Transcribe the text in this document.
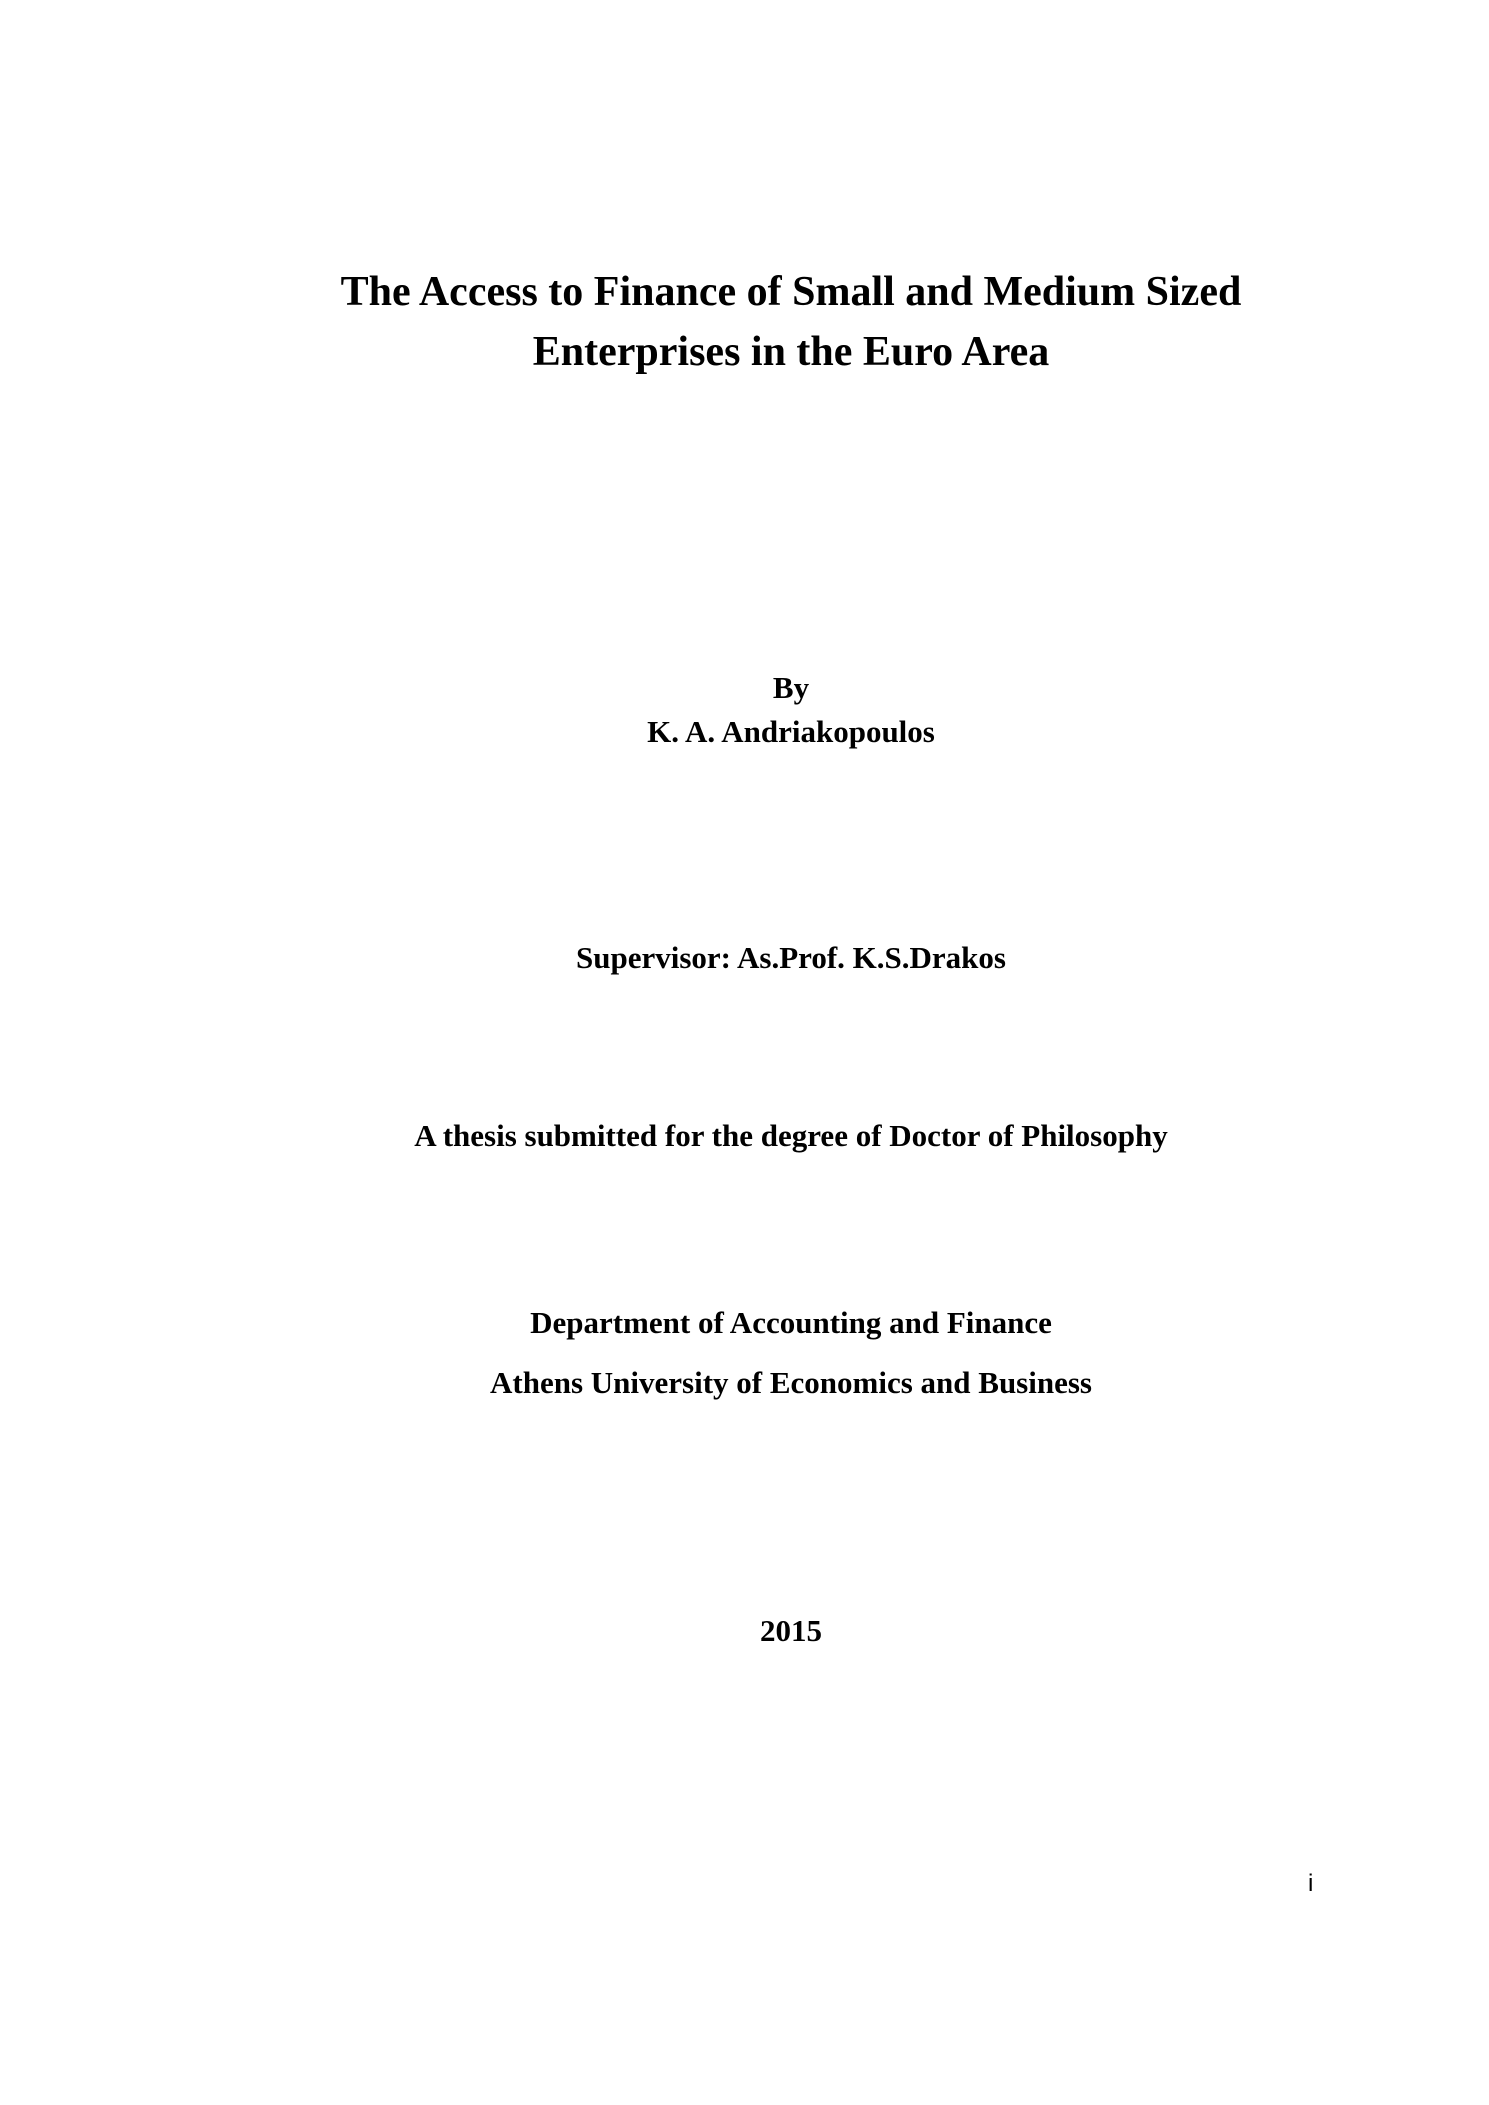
The Access to Finance of Small and Medium Sized
Enterprises in the Euro Area
By
K. A. Andriakopoulos
Supervisor: As.Prof. K.S.Drakos
A thesis submitted for the degree of Doctor of Philosophy
Department of Accounting and Finance
Athens University of Economics and Business
2015
i
